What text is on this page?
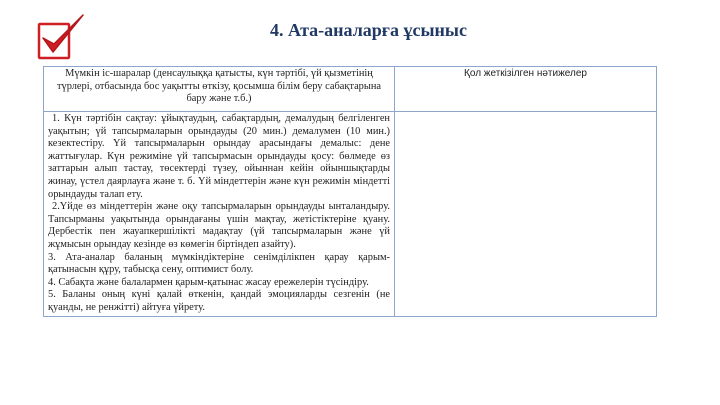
4. Ата-аналарға ұсыныс
Мүмкін іс-шаралар (денсаулыққа қатысты, күн тәртібі, үй қызметінің түрлері, отбасында бос уақытты өткізу, қосымша білім беру сабақтарына бару және т.б.)	Қол жеткізілген нәтижелер

1. Күн тәртібін сақтау: ұйықтаудың, сабақтардың, демалудың белгіленген уақытын; үй тапсырмаларын орындауды (20 мин.) демалумен (10 мин.) кезектестіру. Үй тапсырмаларын орындау арасындағы демалыс: дене жаттығулар. Күн режиміне үй тапсырмасын орындауды қосу: бөлмеде өз заттарын алып тастау, төсектерді түзеу, ойыннан кейін ойыншықтарды жинау, үстел даярлауға және т. б. Үй міндеттерін және күн режимін міндетті орындауды талап ету.

2.Үйде өз міндеттерін және оқу тапсырмаларын орындауды ынталандыру. Тапсырманы уақытында орындағаны үшін мақтау, жетістіктеріне қуану. Дербестік пен жауапкершілікті мадақтау (үй тапсырмаларын және үй жұмысын орындау кезінде өз көмегін біртіндеп азайту).

3. Ата-аналар баланың мүмкіндіктеріне сенімділікпен қарау қарым-қатынасын құру, табысқа сену, оптимист болу.

4. Сабақта және балалармен қарым-қатынас жасау ережелерін түсіндіру.

5. Баланы оның күні қалай өткенін, қандай эмоцияларды сезгенін (не қуанды, не ренжітті) айтуға үйрету.	
